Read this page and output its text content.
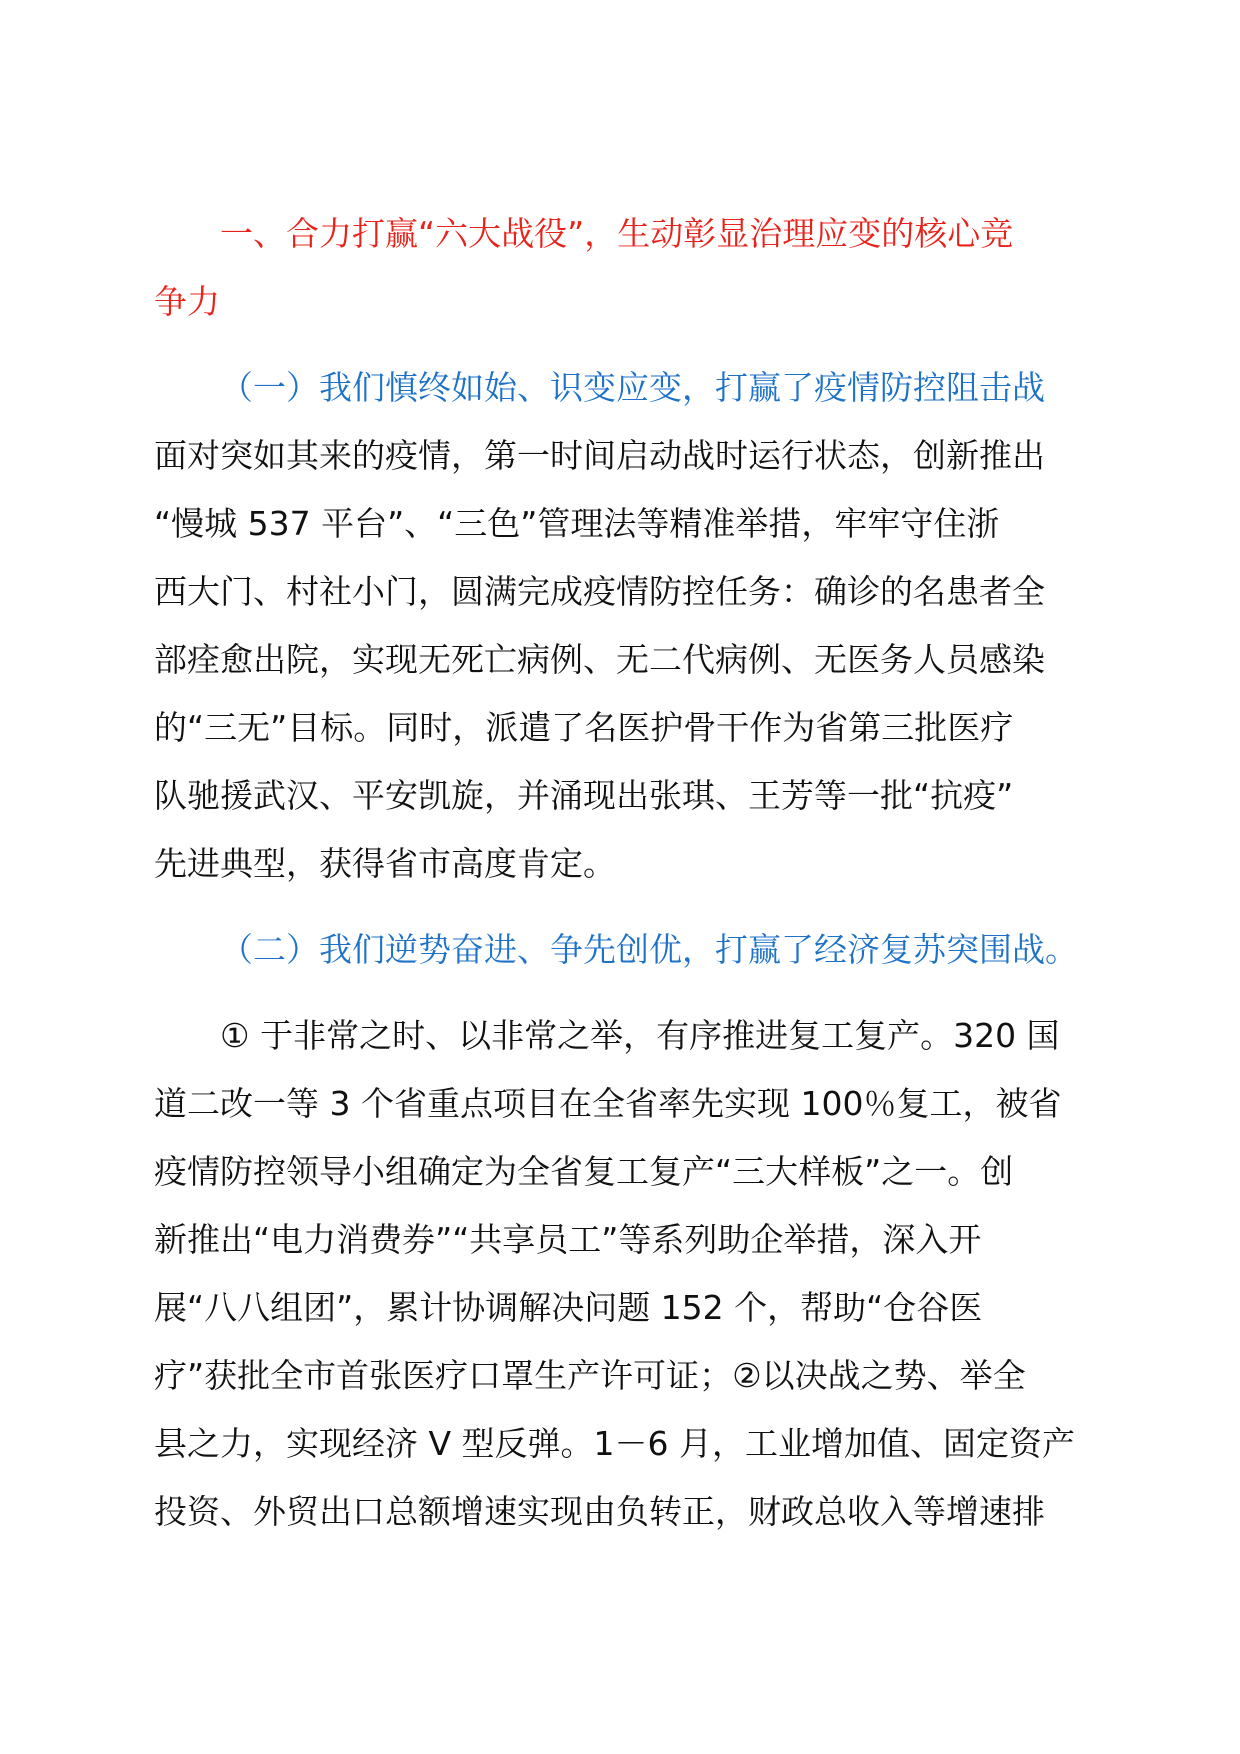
一、合力打赢“六大战役”，生动彰显治理应变的核心竞
争力
（一）我们慎终如始、识变应变，打赢了疫情防控阻击战
面对突如其来的疫情，第一时间启动战时运行状态，创新推出
“慢城 537 平台”、“三色”管理法等精准举措，牢牢守住浙
西大门、村社小门，圆满完成疫情防控任务：确诊的名患者全
部痊愈出院，实现无死亡病例、无二代病例、无医务人员感染
的“三无”目标。同时，派遣了名医护骨干作为省第三批医疗
队驰援武汉、平安凯旋，并涌现出张琪、王芳等一批“抗疫”
先进典型，获得省市高度肯定。
（二）我们逆势奋进、争先创优，打赢了经济复苏突围战。
① 于非常之时、以非常之举，有序推进复工复产。320 国
道二改一等 3 个省重点项目在全省率先实现 100％复工，被省
疫情防控领导小组确定为全省复工复产“三大样板”之一。创
新推出“电力消费券”“共享员工”等系列助企举措，深入开
展“八八组团”，累计协调解决问题 152 个，帮助“仓谷医
疗”获批全市首张医疗口罩生产许可证；②以决战之势、举全
县之力，实现经济 V 型反弹。1－6 月，工业增加值、固定资产
投资、外贸出口总额增速实现由负转正，财政总收入等增速排
